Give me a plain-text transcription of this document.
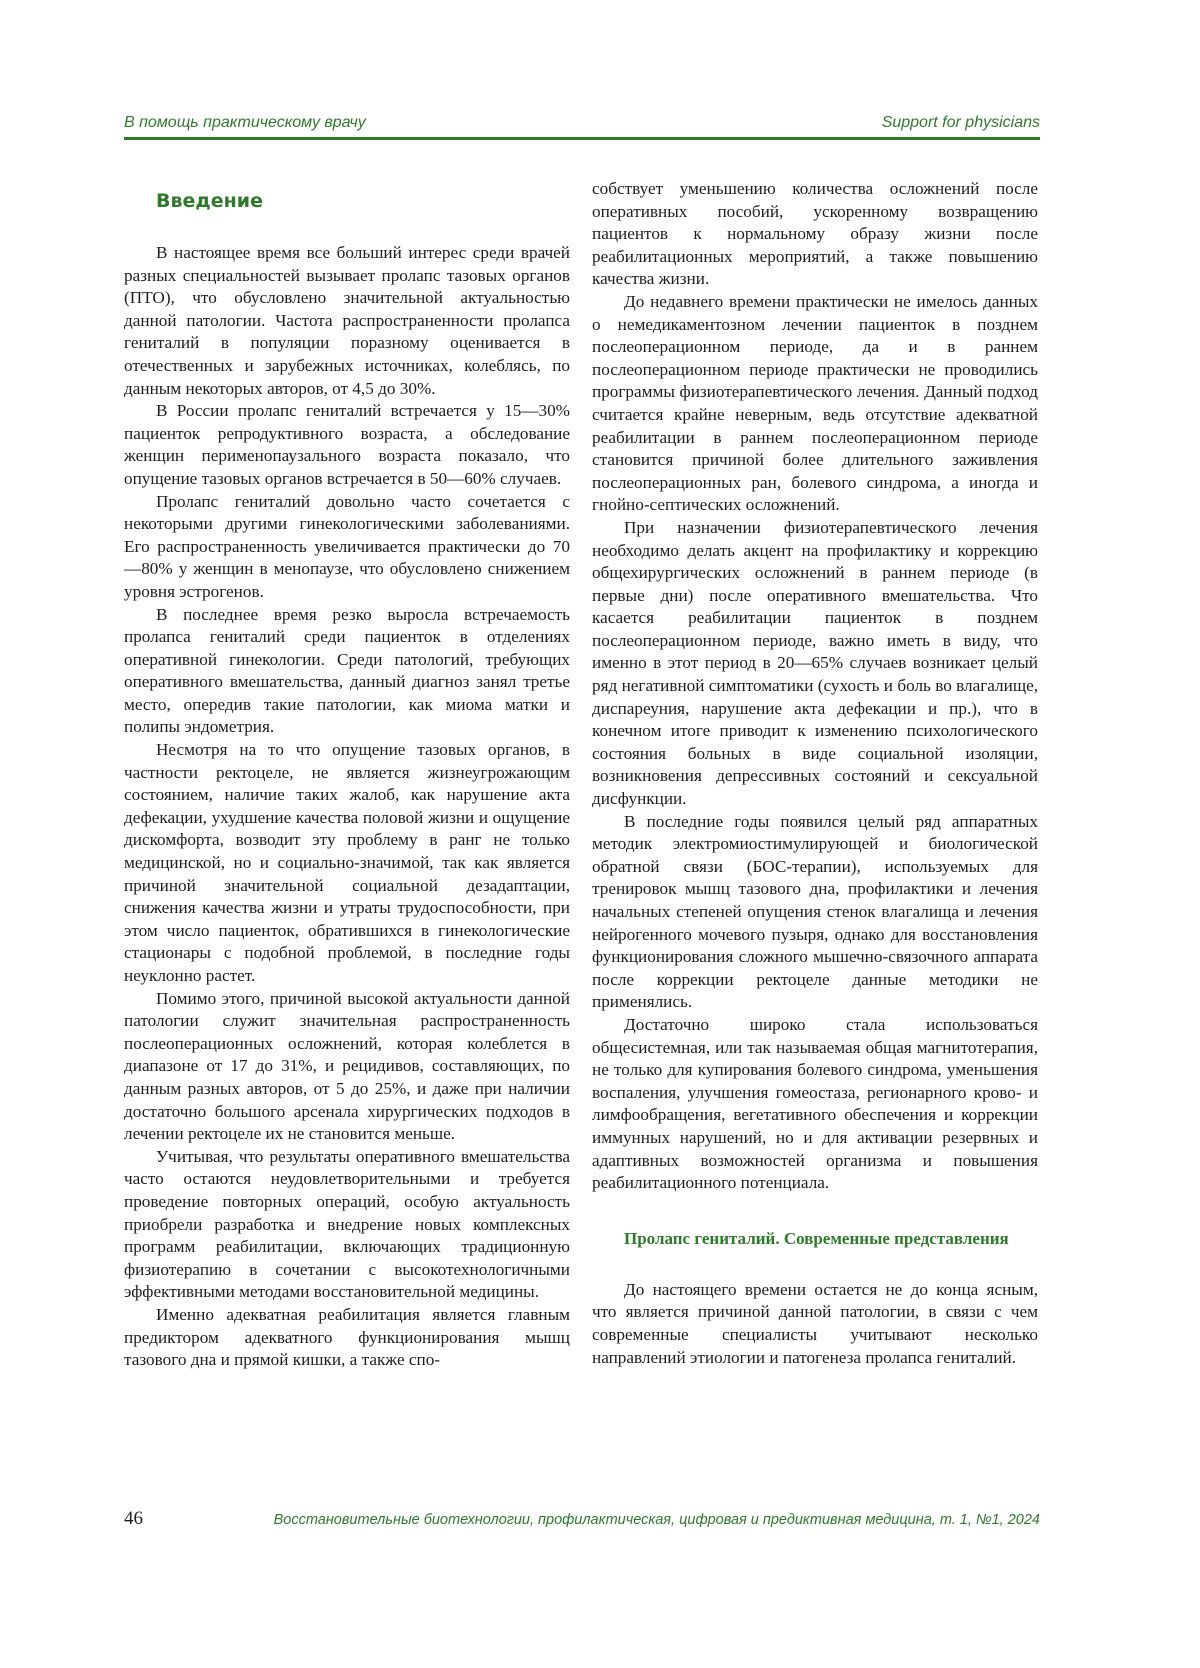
В помощь практическому врачу	Support for physicians
Введение

В настоящее время все больший интерес среди врачей разных специальностей вызывает пролапс тазовых органов (ПТО), что обусловлено значительной актуальностью данной патологии. Частота распространенности пролапса гениталий в популяции поразному оценивается в отечественных и зарубежных источниках, колеблясь, по данным некоторых авторов, от 4,5 до 30%.

В России пролапс гениталий встречается у 15—30% пациенток репродуктивного возраста, а обследование женщин перименопаузального возраста показало, что опущение тазовых органов встречается в 50—60% случаев.

Пролапс гениталий довольно часто сочетается с некоторыми другими гинекологическими заболеваниями. Его распространенность увеличивается практически до 70—80% у женщин в менопаузе, что обусловлено снижением уровня эстрогенов.

В последнее время резко выросла встречаемость пролапса гениталий среди пациенток в отделениях оперативной гинекологии. Среди патологий, требующих оперативного вмешательства, данный диагноз занял третье место, опередив такие патологии, как миома матки и полипы эндометрия.

Несмотря на то что опущение тазовых органов, в частности ректоцеле, не является жизнеугрожающим состоянием, наличие таких жалоб, как нарушение акта дефекации, ухудшение качества половой жизни и ощущение дискомфорта, возводит эту проблему в ранг не только медицинской, но и социально-значимой, так как является причиной значительной социальной дезадаптации, снижения качества жизни и утраты трудоспособности, при этом число пациенток, обратившихся в гинекологические стационары с подобной проблемой, в последние годы неуклонно растет.

Помимо этого, причиной высокой актуальности данной патологии служит значительная распространенность послеоперационных осложнений, которая колеблется в диапазоне от 17 до 31%, и рецидивов, составляющих, по данным разных авторов, от 5 до 25%, и даже при наличии достаточно большого арсенала хирургических подходов в лечении ректоцеле их не становится меньше.

Учитывая, что результаты оперативного вмешательства часто остаются неудовлетворительными и требуется проведение повторных операций, особую актуальность приобрели разработка и внедрение новых комплексных программ реабилитации, включающих традиционную физиотерапию в сочетании с высокотехнологичными эффективными методами восстановительной медицины.

Именно адекватная реабилитация является главным предиктором адекватного функционирования мышц тазового дна и прямой кишки, а также спо-

собствует уменьшению количества осложнений после оперативных пособий, ускоренному возвращению пациентов к нормальному образу жизни после реабилитационных мероприятий, а также повышению качества жизни.

До недавнего времени практически не имелось данных о немедикаментозном лечении пациенток в позднем послеоперационном периоде, да и в раннем послеоперационном периоде практически не проводились программы физиотерапевтического лечения. Данный подход считается крайне неверным, ведь отсутствие адекватной реабилитации в раннем послеоперационном периоде становится причиной более длительного заживления послеоперационных ран, болевого синдрома, а иногда и гнойно-септических осложнений.

При назначении физиотерапевтического лечения необходимо делать акцент на профилактику и коррекцию общехирургических осложнений в раннем периоде (в первые дни) после оперативного вмешательства. Что касается реабилитации пациенток в позднем послеоперационном периоде, важно иметь в виду, что именно в этот период в 20—65% случаев возникает целый ряд негативной симптоматики (сухость и боль во влагалище, диспареуния, нарушение акта дефекации и пр.), что в конечном итоге приводит к изменению психологического состояния больных в виде социальной изоляции, возникновения депрессивных состояний и сексуальной дисфункции.

В последние годы появился целый ряд аппаратных методик электромиостимулирующей и биологической обратной связи (БОС-терапии), используемых для тренировок мышц тазового дна, профилактики и лечения начальных степеней опущения стенок влагалища и лечения нейрогенного мочевого пузыря, однако для восстановления функционирования сложного мышечно-связочного аппарата после коррекции ректоцеле данные методики не применялись.

Достаточно широко стала использоваться общесистемная, или так называемая общая магнитотерапия, не только для купирования болевого синдрома, уменьшения воспаления, улучшения гомеостаза, регионарного крово- и лимфообращения, вегетативного обеспечения и коррекции иммунных нарушений, но и для активации резервных и адаптивных возможностей организма и повышения реабилитационного потенциала.

Пролапс гениталий. Современные представления

До настоящего времени остается не до конца ясным, что является причиной данной патологии, в связи с чем современные специалисты учитывают несколько направлений этиологии и патогенеза пролапса гениталий.

46	Восстановительные биотехнологии, профилактическая, цифровая и предиктивная медицина, т. 1, №1, 2024
